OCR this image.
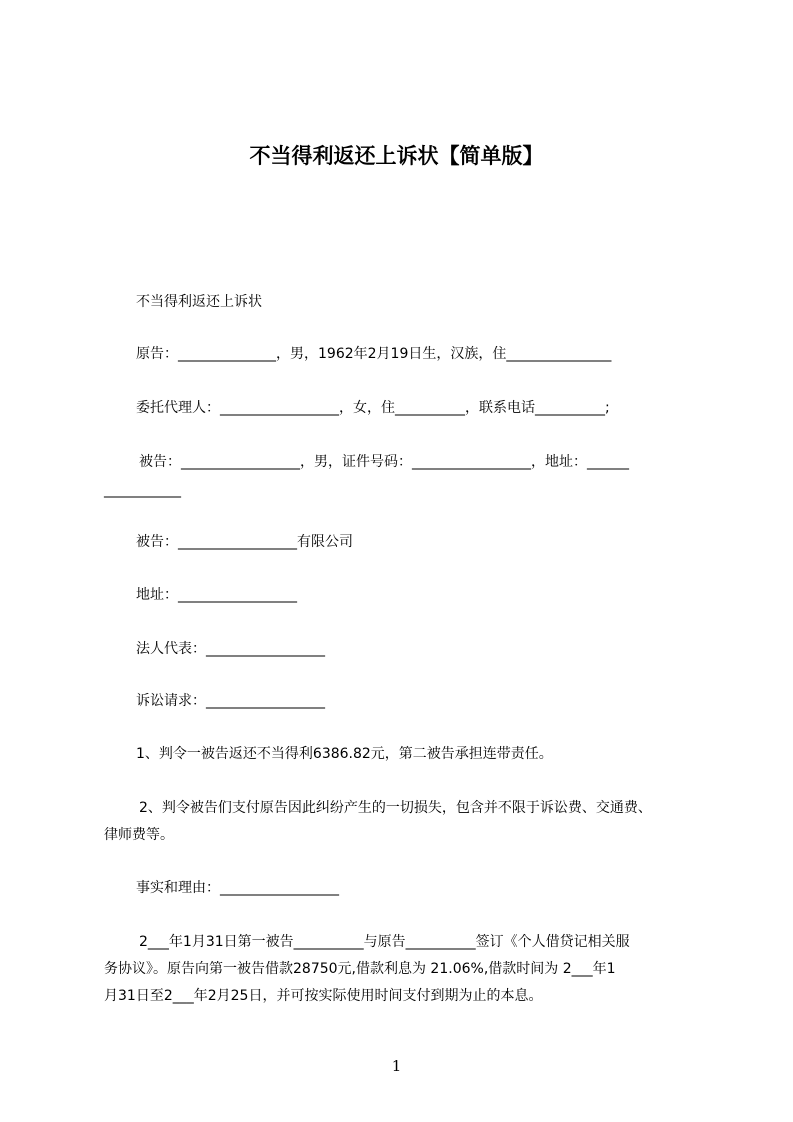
不当得利返还上诉状【简单版】
不当得利返还上诉状
原告：______________，男，1962年2月19日生，汉族，住_______________
委托代理人：_________________，女，住__________，联系电话__________;
被告：_________________，男，证件号码：_________________，地址：______
___________
被告：_________________有限公司
地址：_________________
法人代表：_________________
诉讼请求：_________________
1、判令一被告返还不当得利6386.82元，第二被告承担连带责任。
2、判令被告们支付原告因此纠纷产生的一切损失，包含并不限于诉讼费、交通费、
律师费等。
事实和理由：_________________
2___年1月31日第一被告__________与原告__________签订《个人借贷记相关服
务协议》。原告向第一被告借款28750元,借款利息为 21.06%,借款时间为 2___年1
月31日至2___年2月25日，并可按实际使用时间支付到期为止的本息。
1
